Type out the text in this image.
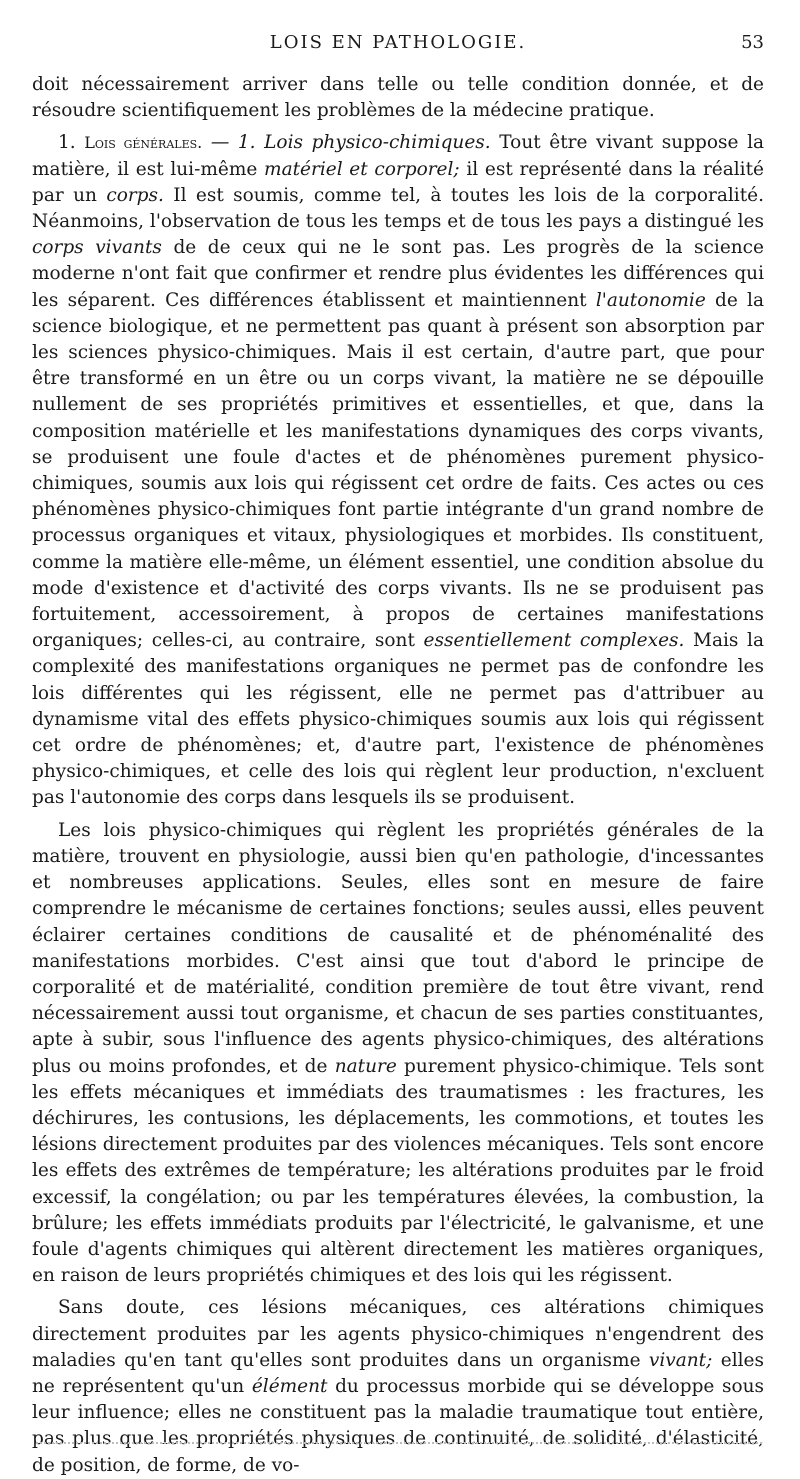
LOIS EN PATHOLOGIE.	53

doit nécessairement arriver dans telle ou telle condition donnée, et de résoudre scientifiquement les problèmes de la médecine pratique.

1. Lois générales. — 1. Lois physico-chimiques. Tout être vivant suppose la matière, il est lui-même matériel et corporel; il est représenté dans la réalité par un corps. Il est soumis, comme tel, à toutes les lois de la corporalité. Néanmoins, l'observation de tous les temps et de tous les pays a distingué les corps vivants de de ceux qui ne le sont pas. Les progrès de la science moderne n'ont fait que confirmer et rendre plus évidentes les différences qui les séparent. Ces différences établissent et maintiennent l'autonomie de la science biologique, et ne permettent pas quant à présent son absorption par les sciences physico-chimiques. Mais il est certain, d'autre part, que pour être transformé en un être ou un corps vivant, la matière ne se dépouille nullement de ses propriétés primitives et essentielles, et que, dans la composition matérielle et les manifestations dynamiques des corps vivants, se produisent une foule d'actes et de phénomènes purement physico-chimiques, soumis aux lois qui régissent cet ordre de faits. Ces actes ou ces phénomènes physico-chimiques font partie intégrante d'un grand nombre de processus organiques et vitaux, physiologiques et morbides. Ils constituent, comme la matière elle-même, un élément essentiel, une condition absolue du mode d'existence et d'activité des corps vivants. Ils ne se produisent pas fortuitement, accessoirement, à propos de certaines manifestations organiques; celles-ci, au contraire, sont essentiellement complexes. Mais la complexité des manifestations organiques ne permet pas de confondre les lois différentes qui les régissent, elle ne permet pas d'attribuer au dynamisme vital des effets physico-chimiques soumis aux lois qui régissent cet ordre de phénomènes; et, d'autre part, l'existence de phénomènes physico-chimiques, et celle des lois qui règlent leur production, n'excluent pas l'autonomie des corps dans lesquels ils se produisent.

Les lois physico-chimiques qui règlent les propriétés générales de la matière, trouvent en physiologie, aussi bien qu'en pathologie, d'incessantes et nombreuses applications. Seules, elles sont en mesure de faire comprendre le mécanisme de certaines fonctions; seules aussi, elles peuvent éclairer certaines conditions de causalité et de phénoménalité des manifestations morbides. C'est ainsi que tout d'abord le principe de corporalité et de matérialité, condition première de tout être vivant, rend nécessairement aussi tout organisme, et chacun de ses parties constituantes, apte à subir, sous l'influence des agents physico-chimiques, des altérations plus ou moins profondes, et de nature purement physico-chimique. Tels sont les effets mécaniques et immédiats des traumatismes : les fractures, les déchirures, les contusions, les déplacements, les commotions, et toutes les lésions directement produites par des violences mécaniques. Tels sont encore les effets des extrêmes de température; les altérations produites par le froid excessif, la congélation; ou par les températures élevées, la combustion, la brûlure; les effets immédiats produits par l'électricité, le galvanisme, et une foule d'agents chimiques qui altèrent directement les matières organiques, en raison de leurs propriétés chimiques et des lois qui les régissent.

Sans doute, ces lésions mécaniques, ces altérations chimiques directement produites par les agents physico-chimiques n'engendrent des maladies qu'en tant qu'elles sont produites dans un organisme vivant; elles ne représentent qu'un élément du processus morbide qui se développe sous leur influence; elles ne constituent pas la maladie traumatique tout entière, pas plus que les propriétés physiques de continuité, de solidité, d'élasticité, de position, de forme, de vo-
